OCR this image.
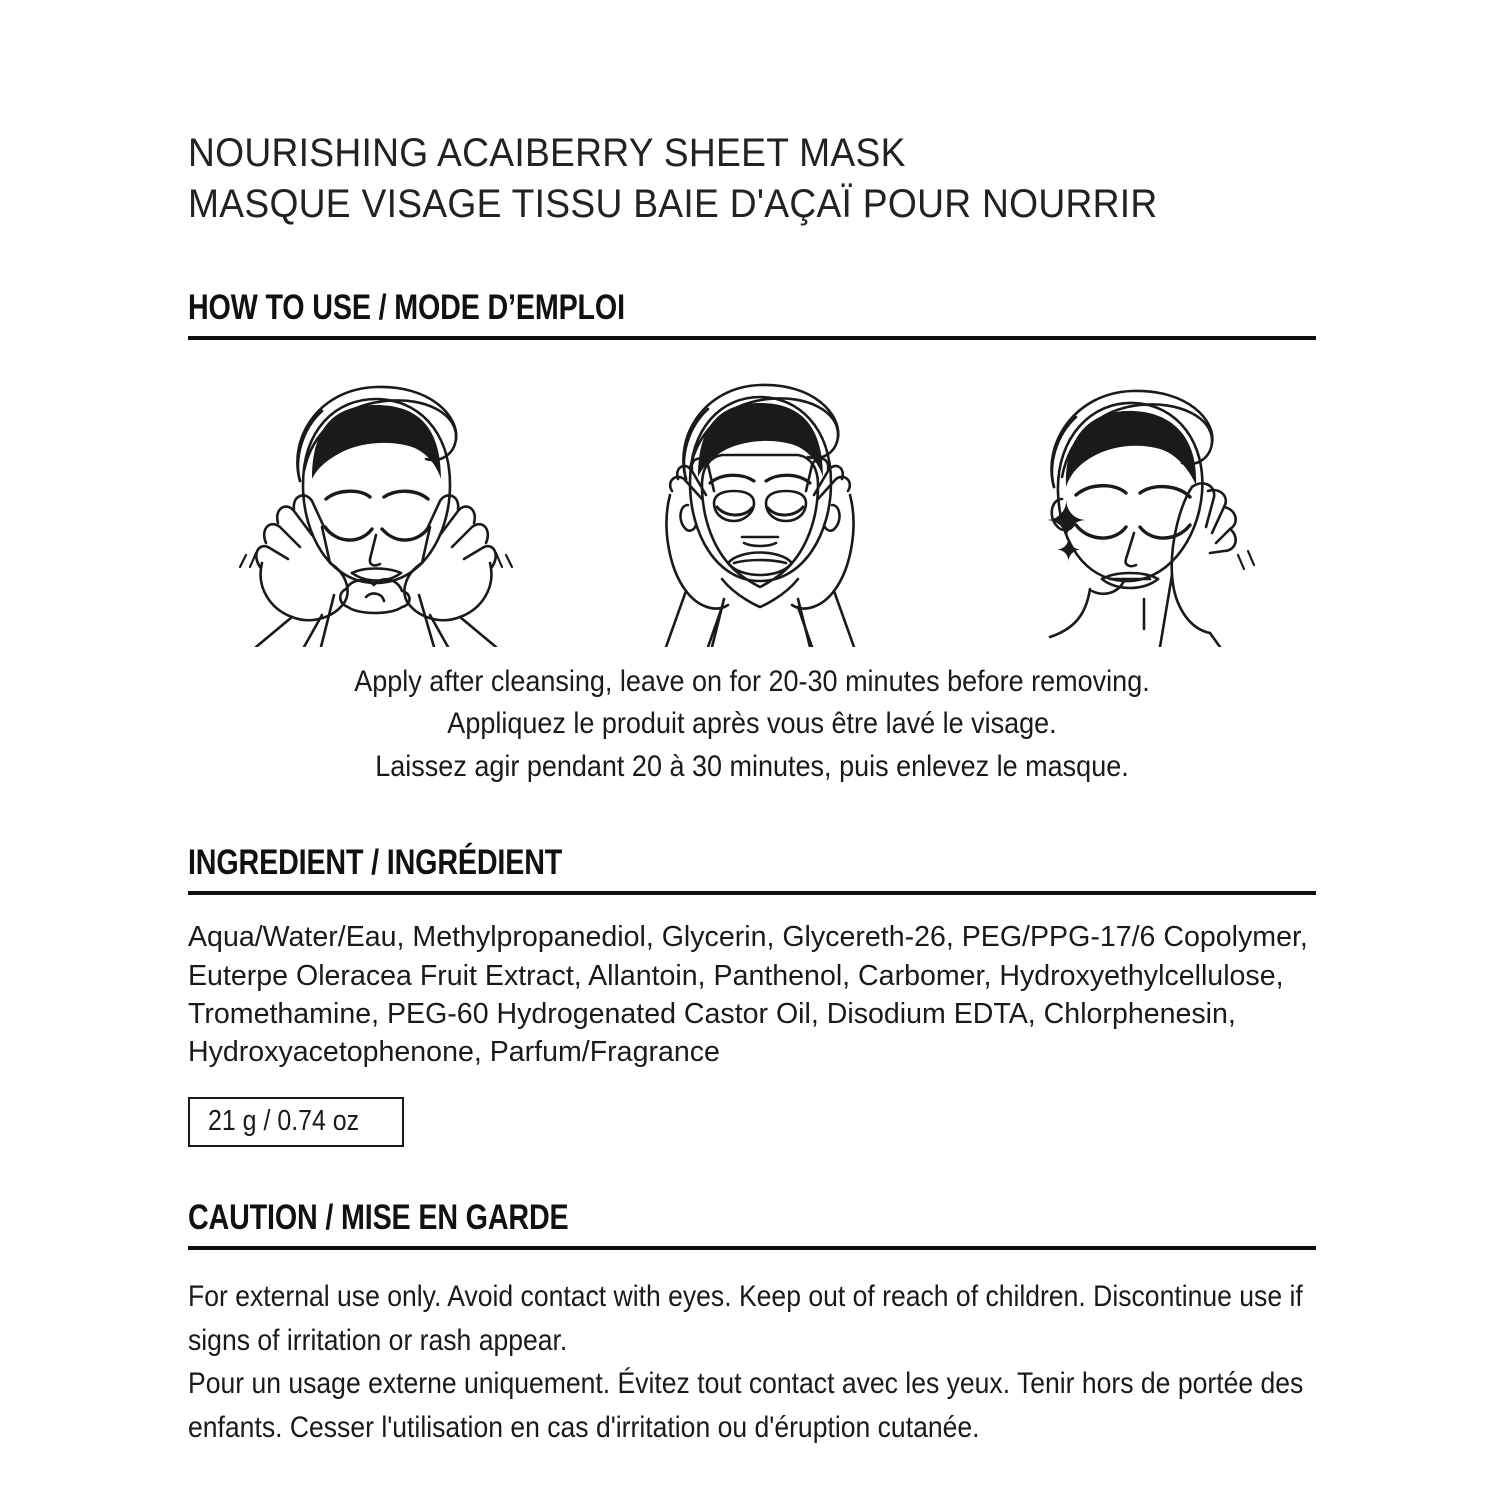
NOURISHING ACAIBERRY SHEET MASK
MASQUE VISAGE TISSU BAIE D'AÇAÏ POUR NOURRIR
HOW TO USE / MODE D’EMPLOI
Apply after cleansing, leave on for 20-30 minutes before removing.
Appliquez le produit après vous être lavé le visage.
Laissez agir pendant 20 à 30 minutes, puis enlevez le masque.
INGREDIENT / INGRÉDIENT
Aqua/Water/Eau, Methylpropanediol, Glycerin, Glycereth-26, PEG/PPG-17/6 Copolymer, Euterpe Oleracea Fruit Extract, Allantoin, Panthenol, Carbomer, Hydroxyethylcellulose, Tromethamine, PEG-60 Hydrogenated Castor Oil, Disodium EDTA, Chlorphenesin, Hydroxyacetophenone, Parfum/Fragrance
21 g / 0.74 oz
CAUTION / MISE EN GARDE

For external use only. Avoid contact with eyes. Keep out of reach of children. Discontinue use if signs of irritation or rash appear.

Pour un usage externe uniquement. Évitez tout contact avec les yeux. Tenir hors de portée des enfants. Cesser l'utilisation en cas d'irritation ou d'éruption cutanée.
